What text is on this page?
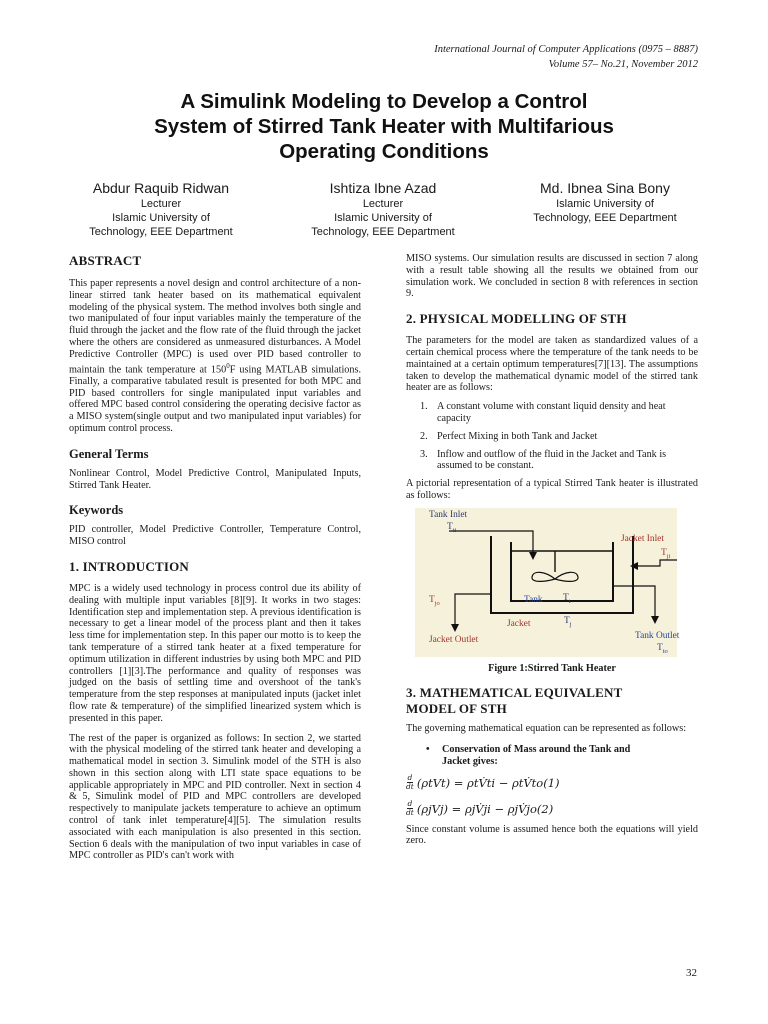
International Journal of Computer Applications (0975 – 8887)
Volume 57– No.21, November 2012
A Simulink Modeling to Develop a Control
System of Stirred Tank Heater with Multifarious
Operating Conditions
Abdur Raquib Ridwan
Lecturer
Islamic University of
Technology, EEE Department
Ishtiza Ibne Azad
Lecturer
Islamic University of
Technology, EEE Department
Md. Ibnea Sina Bony
Islamic University of
Technology, EEE Department
ABSTRACT

This paper represents a novel design and control architecture of a non-linear stirred tank heater based on its mathematical equivalent modeling of the physical system. The method involves both single and two manipulated of four input variables mainly the temperature of the fluid through the jacket and the flow rate of the fluid through the jacket where the others are considered as unmeasured disturbances. A Model Predictive Controller (MPC) is used over PID based controller to maintain the tank temperature at $150^0F$ using MATLAB simulations. Finally, a comparative tabulated result is presented for both MPC and PID based controllers for single manipulated input variables and offered MPC based control considering the operating decisive factor as a MISO system(single output and two manipulated input variables) for optimum control process.

General Terms

Nonlinear Control, Model Predictive Control, Manipulated Inputs, Stirred Tank Heater.

Keywords

PID controller, Model Predictive Controller, Temperature Control, MISO control

1. INTRODUCTION

MPC is a widely used technology in process control due its ability of dealing with multiple input variables [8][9]. It works in two stages: Identification step and implementation step. A previous identification is necessary to get a linear model of the process plant and then it takes less time for implementation step. In this paper our motto is to keep the tank temperature of a stirred tank heater at a fixed temperature for optimum utilization in different industries by using both MPC and PID controllers [1][3].The performance and quality of responses was judged on the basis of settling time and overshoot of the tank's temperature from the step responses at manipulated inputs (jacket inlet flow rate & temperature) of the simplified linearized system which is presented in this paper.

The rest of the paper is organized as follows: In section 2, we started with the physical modeling of the stirred tank heater and developing a mathematical model in section 3. Simulink model of the STH is also shown in this section along with LTI state space equations to be applicable appropriately in MPC and PID controller. Next in section 4 & 5, Simulink model of PID and MPC controllers are developed respectively to manipulate jackets temperature to achieve an optimum control of tank inlet temperature[4][5]. The simulation results associated with each manipulation is also presented in this section. Section 6 deals with the manipulation of two input variables in case of MPC controller as PID's can't work with

MISO systems. Our simulation results are discussed in section 7 along with a result table showing all the results we obtained from our simulation work. We concluded in section 8 with references in section 9.

2. PHYSICAL MODELLING OF STH

The parameters for the model are taken as standardized values of a certain chemical process where the temperature of the tank needs to be maintained at a certain optimum temperatures[7][13]. The assumptions taken to develop the mathematical dynamic model of the stirred tank heater are as follows:

1. A constant volume with constant liquid density and heat capacity
2. Perfect Mixing in both Tank and Jacket
3. Inflow and outflow of the fluid in the Jacket and Tank is assumed to be constant.

A pictorial representation of a typical Stirred Tank heater is illustrated as follows:

Tank Inlet
$T_{ti}$
Jacket Inlet
$T_{ji}$
$T_{jo}$	Tank $T_t$
Jacket	$T_j$
Jacket Outlet	Tank Outlet
$T_{to}$
Figure 1:Stirred Tank Heater
3. MATHEMATICAL EQUIVALENT
MODEL OF STH

The governing mathematical equation can be represented as follows:

•	Conservation of Mass around the Tank and
Jacket gives:
$\frac{d}{dt} (\rho tVt)$ = ρtV̇ti − ρtV̇to(1)
$\frac{d}{dt} (\rho jVj)$ = ρjV̇ji − ρjV̇jo(2)

Since constant volume is assumed hence both the equations will yield zero.

32
